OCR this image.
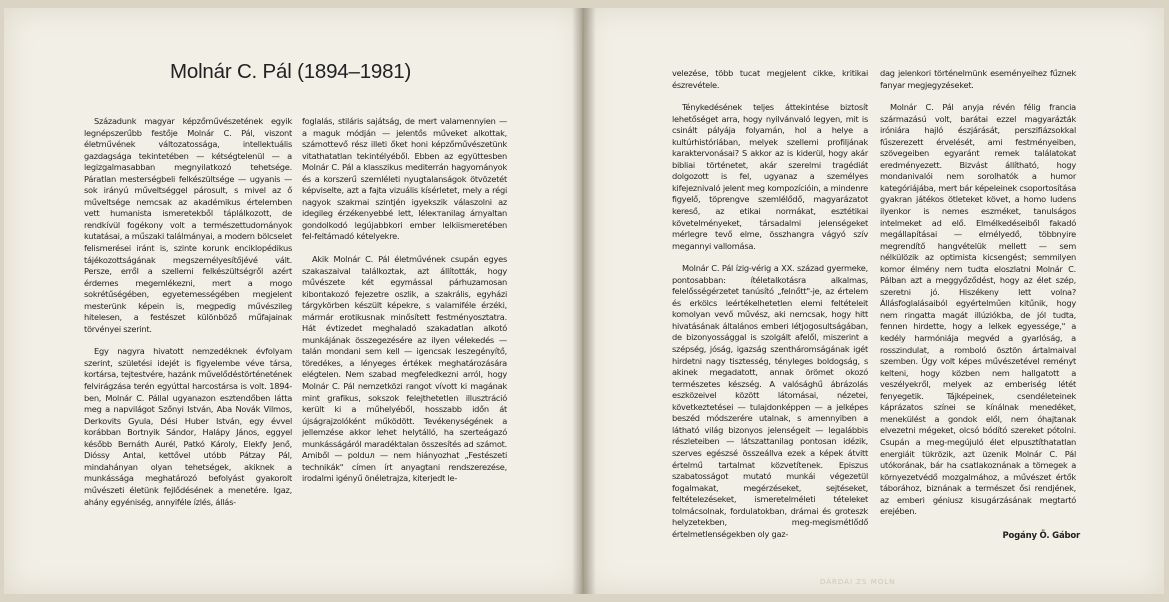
Molnár C. Pál (1894–1981)

Századunk magyar képzőművészetének egyik legnépszerűbb festője Molnár C. Pál, viszont életművének változatossága, intellektuális gazdagsága tekintetében — kétségtelenül — a legizgalmasabban megnyilatkozó tehetsége. Páratlan mesterségbeli felkészültsége — ugyanis — sok irányú műveltséggel párosult, s mivel az ő műveltsége nemcsak az akadémikus értelemben vett humanista ismeretekből táplálkozott, de rendkívül fogékony volt a természettudományok kutatásai, a műszaki találmányai, a modern bölcselet felismerései iránt is, szinte korunk enciklopédikus tájékozottságának megszemélyesítőjévé vált. Persze, erről a szellemi felkészültségről azért érdemes megemlékezni, mert a mogo sokrétűségében, egyetemességében megjelent mesterünk képein is, megpedig művészileg hitelesen, a festészet különböző műfajainak törvényei szerint.

Egy nagyra hivatott nemzedéknek évfolyam szerint, születési idejét is figyelembe véve társa, kortársa, tejtestvére, hazánk művelődéstörténetének felvirágzása terén egyúttal harcostársa is volt. 1894-ben, Molnár C. Pállal ugyanazon esztendőben látta meg a napvilágot Szőnyi István, Aba Novák Vilmos, Derkovits Gyula, Dési Huber István, egy évvel korábban Bortnyik Sándor, Halápy János, eggyel később Bernáth Aurél, Patkó Károly, Elekfy Jenő, Dióssy Antal, kettővel utóbb Pátzay Pál, mindahányan olyan tehetségek, akiknek a munkássága meghatározó befolyást gyakorolt művészeti életünk fejlődésének a menetére. Igaz, ahány egyéniség, annyiféle ízlés, állás-

foglalás, stiláris sajátság, de mert valamennyien — a maguk módján — jelentős műveket alkottak, számottevő rész illeti őket honi képzőművészetünk vitathatatlan tekintélyéből. Ebben az együttesben Molnár C. Pál a klasszikus mediterrán hagyományok és a korszerű szemléleti nyugtalanságok ötvözetét képviselte, azt a fajta vizuális kísérletet, mely a régi nagyok szakmai szintjén igyekszik válaszolni az idegileg érzékenyebbé lett, léleктanilag árnyaltan gondolkodó legújabbkori ember lelkiismeretében fel-feltámadó kételyekre.

Akik Molnár C. Pál életművének csupán egyes szakaszaival találkoztak, azt állították, hogy művészete két egymással párhuzamosan kibontakozó fejezetre oszlik, a szakrális, egyházi tárgykörben készült képekre, s valamiféle érzéki, mármár erotikusnak minősített festményosztatra. Hát évtizedet meghaladó szakadatlan alkotó munkájának összegezésére az ilyen vélekedés — talán mondani sem kell — igencsak leszegényítő, töredékes, a lényeges értékek meghatározására elégtelen. Nem szabad megfeledkezni arról, hogy Molnár C. Pál nemzetközi rangot vívott ki magának mint grafikus, sokszok felejthetetlen illusztráció került ki a műhelyéből, hosszabb időn át újságrajzolóként működött. Tevékenységének a jellemzése akkor lehet helytálló, ha szerteágazó munkásságáról maradéktalan összesítés ad számot. Amiből — polduл — nem hiányozhat „Festészeti technikák" címen írt anyagtani rendszerezése, irodalmi igényű önéletrajza, kiterjedt le-

velezése, több tucat megjelent cikke, kritikai észrevétele.

Ténykedésének teljes áttekintése biztosít lehetőséget arra, hogy nyilvánvaló legyen, mit is csinált pályája folyamán, hol a helye a kultúrhistóriában, melyek szellemi profiljának karaktervonásai? S akkor az is kiderül, hogy akár bibliai történetet, akár szerelmi tragédiát dolgozott is fel, ugyanaz a személyes kifejeznivaló jelent meg kompozícióin, a mindenre figyelő, töprengve szemlélődő, magyarázatot kereső, az etikai normákat, esztétikai követelményeket, társadalmi jelenségeket mérlegre tevő elme, összhangra vágyó szív megannyi vallomása.

Molnár C. Pál ízig-vérig a XX. század gyermeke, pontosabban: ítéletalkotásra alkalmas, felelősségérzetet tanúsító „felnőtt"-je, az értelem és erkölcs leértékelhetetlen elemi feltételeit komolyan vevő művész, aki nemcsak, hogy hitt hivatásának általános emberi létjogosultságában, de bizonyossággal is szolgált afelől, miszerint a szépség, jóság, igazság szentháromságának igét hirdetni nagy tisztesség, tényleges boldogság, s akinek megadatott, annak örömet okozó természetes készség. A valósághű ábrázolás eszközeivel között látomásai, nézetei, következtetései — tulajdonképpen — a jelképes beszéd módszerére utalnak, s amennyiben a látható világ bizonyos jelenségeit — legalábbis részleteiben — látszattanilag pontosan idézik, szerves egészsé összeállva ezek a képek átvitt értelmű tartalmat közvetítenek. Episzus szabatosságot mutató munkái végezetül fogalmakat, megérzéseket, sejtéseket, feltételezéseket, ismeretelméleti tételeket tolmácsolnak, fordulatokban, drámai és groteszk helyzetekben, meg-megismétlődő értelmetlenségekben oly gaz-

dag jelenkori történelmünk eseményeihez fűznek fanyar megjegyzéseket.

Molnár C. Pál anyja révén félig francia származású volt, barátai ezzel magyarázták iróniára hajló észjárását, perszifiázsokkal fűszerezett érvelését, ami festményeiben, szövegeiben egyaránt remek találatokat eredményezett. Bizvást állítható, hogy mondanivalói nem sorolhatók a humor kategóriájába, mert bár képeleinek csoportosítása gyakran játékos ötleteket követ, a homo ludens ilyenkor is nemes eszméket, tanulságos intelmeket ad elő. Elmélkedéseiből fakadó megállapításai — elmélyedő, többnyire megrendítő hangvételük mellett — sem nélkülözik az optimista kicsengést; semmilyen komor élmény nem tudta eloszlatni Molnár C. Pálban azt a meggyőződést, hogy az élet szép, szeretni jó. Hiszékeny lett volna? Állásfoglalásaiból egyértelműen kitűnik, hogy nem ringatta magát illúziókba, de jól tudta, fennen hirdette, hogy a lelkek egyessége," a kedély harmóniája megvéd a gyarlóság, a rosszindulat, a romboló ösztön ártalmaival szemben. Úgy volt képes művészetével reményt kelteni, hogy közben nem hallgatott a veszélyekről, melyek az emberiség létét fenyegetik. Tájképeinek, csendéleteinek káprázatos színei se kínálnak menedéket, menekülést a gondok elől, nem óhajtanak elvezetni mégeket, olcsó bódító szereket pótolni. Csupán a meg-megújuló élet elpusztíthatatlan energiáit tükrözik, azt üzenik Molnár C. Pál utókorának, bár ha csatlakoznának a tömegek a környezetvédő mozgalmához, a művészet értők táborához, biznának a természet ősi rendjének, az emberi géniusz kisugárzásának megtartó erejében.

Pogány Ö. Gábor
DÁRDAI ZS MOLN
